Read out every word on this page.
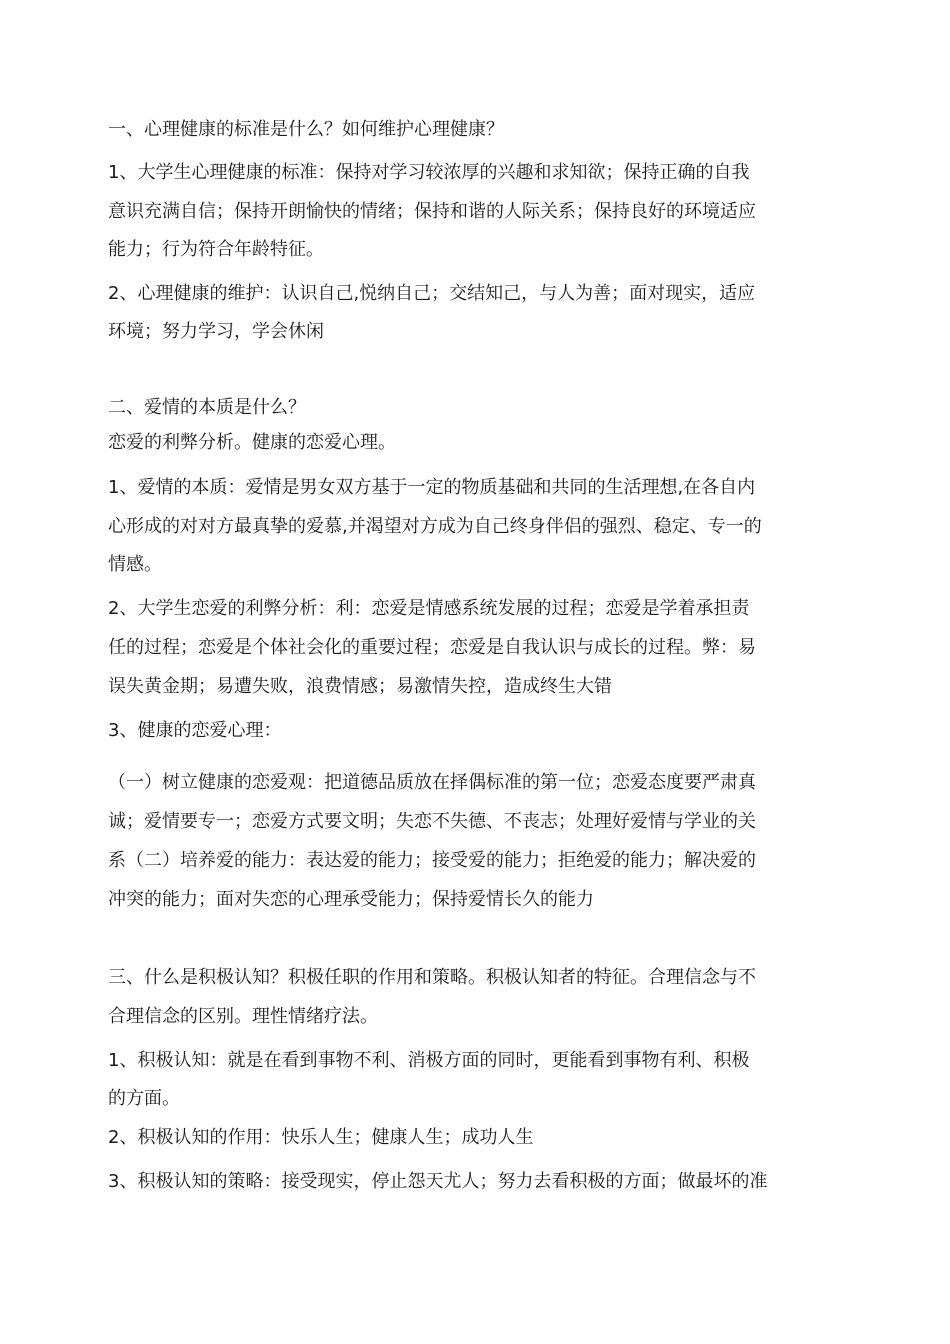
一、心理健康的标准是什么？如何维护心理健康？
1、大学生心理健康的标准：保持对学习较浓厚的兴趣和求知欲；保持正确的自我
意识充满自信；保持开朗愉快的情绪；保持和谐的人际关系；保持良好的环境适应
能力；行为符合年龄特征。
2、心理健康的维护：认识自己,悦纳自己；交结知己，与人为善；面对现实，适应
环境；努力学习，学会休闲
二、爱情的本质是什么？
恋爱的利弊分析。健康的恋爱心理。
1、爱情的本质：爱情是男女双方基于一定的物质基础和共同的生活理想,在各自内
心形成的对对方最真挚的爱慕,并渴望对方成为自己终身伴侣的强烈、稳定、专一的
情感。
2、大学生恋爱的利弊分析：利：恋爱是情感系统发展的过程；恋爱是学着承担责
任的过程；恋爱是个体社会化的重要过程；恋爱是自我认识与成长的过程。弊：易
误失黄金期；易遭失败，浪费情感；易激情失控，造成终生大错
3、健康的恋爱心理：
（一）树立健康的恋爱观：把道德品质放在择偶标准的第一位；恋爱态度要严肃真
诚；爱情要专一；恋爱方式要文明；失恋不失德、不丧志；处理好爱情与学业的关
系（二）培养爱的能力：表达爱的能力；接受爱的能力；拒绝爱的能力；解决爱的
冲突的能力；面对失恋的心理承受能力；保持爱情长久的能力
三、什么是积极认知？积极任职的作用和策略。积极认知者的特征。合理信念与不
合理信念的区别。理性情绪疗法。
1、积极认知：就是在看到事物不利、消极方面的同时，更能看到事物有利、积极
的方面。
2、积极认知的作用：快乐人生；健康人生；成功人生
3、积极认知的策略：接受现实，停止怨天尤人；努力去看积极的方面；做最坏的准
